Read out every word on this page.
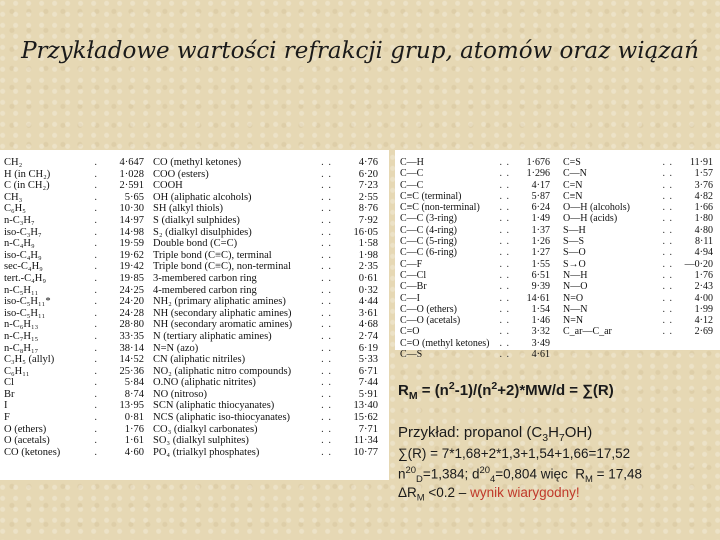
Przykładowe wartości refrakcji grup, atomów oraz wiązań
CH₂	. 4·647
H (in CH₂)	. 1·028
C (in CH₂)	. 2·591
CH₃	.	5·65
C₆H₅	. 10·30
n-C₃H₇	. 14·97
iso-C₃H₇	. 14·98
n-C₄H₉	. 19·59
iso-C₄H₉	. 19·62
sec-C₄H₉	. 19·42
tert.-C₄H₉	. 19·85
n-C₅H₁₁	. 24·25
iso-C₅H₁₁*	. 24·20
iso-C₅H₁₁	. 24·28
n-C₆H₁₃	. 28·80
n-C₇H₁₅	. 33·35
n-C₈H₁₇	. 38·14
C₃H₅ (allyl)	. 14·52
C₆H₁₁	. 25·36
Cl	.	5·84
Br	.	8·74
I	. 13·95
F	.	0·81
O (ethers)	.	1·76
O (acetals)	.	1·61
CO (ketones)	.	4·60
CO (methyl ketones)	. .	4·76
COO (esters)	. .	6·20
COOH	. .	7·23
OH (aliphatic alcohols)	. .	2·55
SH (alkyl thiols)	. .	8·76
S (dialkyl sulphides)	. .	7·92
S₂ (dialkyl disulphides)	. . 16·05
Double bond (C=C)	. .	1·58
Triple bond (C≡C), terminal	. .	1·98
Triple bond (C≡C), non-terminal	. .	2·35
3-membered carbon ring	. .	0·61
4-membered carbon ring	. .	0·32
NH₂ (primary aliphatic amines)	. .	4·44
NH (secondary aliphatic amines)	. .	3·61
NH (secondary aromatic amines)	. .	4·68
N (tertiary aliphatic amines)	. .	2·74
N=N (azo)	. .	6·19
CN (aliphatic nitriles)	. .	5·33
NO₂ (aliphatic nitro compounds)	. .	6·71
O.NO (aliphatic nitrites)	. .	7·44
NO (nitroso)	. .	5·91
SCN (aliphatic thiocyanates)	. . 13·40
NCS (aliphatic iso-thiocyanates)	. . 15·62
CO₃ (dialkyl carbonates)	. .	7·71
SO₃ (dialkyl sulphites)	. . 11·34
PO₄ (trialkyl phosphates)	. . 10·77
C—H	. . 1·676
C—C	. . 1·296
C—C	. . 4·17
C≡C (terminal)	. . 5·87
C≡C (non-terminal) . . 6·24
C—C (3-ring)	. . 1·49
C—C (4-ring)	. . 1·37
C—C (5-ring)	. . 1·26
C—C (6-ring)	. . 1·27
C—F	. . 1·55
C—Cl	. . 6·51
C—Br	. . 9·39
C—I	. . 14·61
C—O (ethers)	. . 1·54
C—O (acetals)	. . 1·46
C=O	. . 3·32
C=O (methyl ketones) . . 3·49
C—S	. . 4·61
C=S	. . 11·91
C—N	. . 1·57
C=N	. . 3·76
C≡N	. . 4·82
O—H (alcohols)	. . 1·66
O—H (acids)	. . 1·80
S—H	. . 4·80
S—S	. . 8·11
S—O	. . 4·94
S→O	. . —0·20
N—H	. . 1·76
N—O	. . 2·43
N=O	. . 4·00
N—N	. . 1·99
N=N	. . 4·12
C_ar—C_ar	. . 2·69
$R_M = (n^2-1)/(n^2+2)*MW/d = \sum(R)$
Przykład: propanol $(C_3H_7OH)$
∑(R) = 7*1,68+2*1,3+1,54+1,66=17,52
$n^{20}_D=1,384$; $d^{20}_4=0,804$ więc  $R_M = 17,48$
$\Delta R_M <0.2$ – wynik wiarygodny!
